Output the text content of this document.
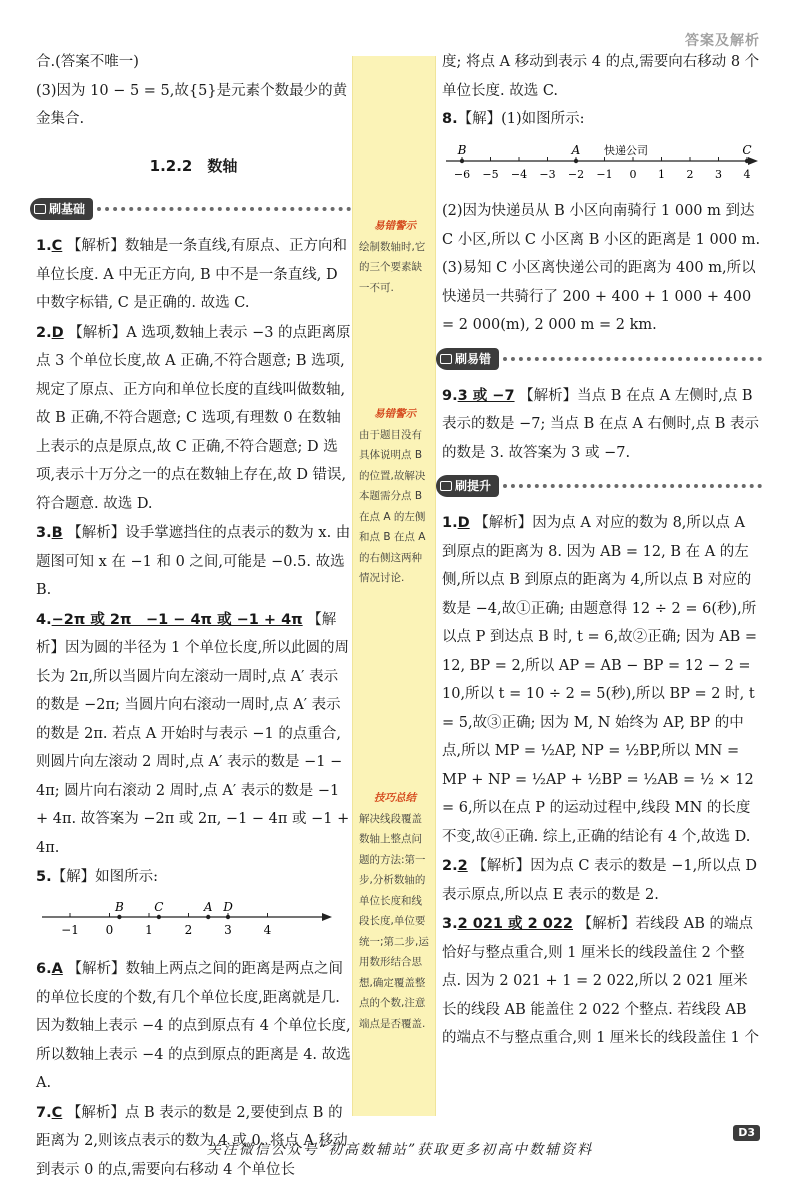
答案及解析
易错警示
绘制数轴时,它的三个要素缺一不可.
易错警示
由于题目没有具体说明点 B 的位置,故解决本题需分点 B 在点 A 的左侧和点 B 在点 A 的右侧这两种情况讨论.
技巧总结
解决线段覆盖数轴上整点问题的方法:第一步,分析数轴的单位长度和线段长度,单位要统一;第二步,运用数形结合思想,确定覆盖整点的个数,注意端点是否覆盖.

合.(答案不唯一)

(3)因为 10 − 5 = 5,故{5}是元素个数最少的黄金集合.

1.2.2　数轴
刷基础
1.C 【解析】数轴是一条直线,有原点、正方向和单位长度. A 中无正方向, B 中不是一条直线, D 中数字标错, C 是正确的. 故选 C.
2.D 【解析】A 选项,数轴上表示 −3 的点距离原点 3 个单位长度,故 A 正确,不符合题意; B 选项,规定了原点、正方向和单位长度的直线叫做数轴,故 B 正确,不符合题意; C 选项,有理数 0 在数轴上表示的点是原点,故 C 正确,不符合题意; D 选项,表示十万分之一的点在数轴上存在,故 D 错误,符合题意. 故选 D.
3.B 【解析】设手掌遮挡住的点表示的数为 x. 由题图可知 x 在 −1 和 0 之间,可能是 −0.5. 故选 B.
4.−2π 或 2π　−1 − 4π 或 −1 + 4π 【解析】因为圆的半径为 1 个单位长度,所以此圆的周长为 2π,所以当圆片向左滚动一周时,点 A′ 表示的数是 −2π; 当圆片向右滚动一周时,点 A′ 表示的数是 2π. 若点 A 开始时与表示 −1 的点重合,则圆片向左滚动 2 周时,点 A′ 表示的数是 −1 − 4π; 圆片向右滚动 2 周时,点 A′ 表示的数是 −1 + 4π. 故答案为 −2π 或 2π, −1 − 4π 或 −1 + 4π.
5.【解】如图所示:
−1 0	1	2	3	4
B	C	A D
6.A 【解析】数轴上两点之间的距离是两点之间的单位长度的个数,有几个单位长度,距离就是几. 因为数轴上表示 −4 的点到原点有 4 个单位长度,所以数轴上表示 −4 的点到原点的距离是 4. 故选 A.
7.C 【解析】点 B 表示的数是 2,要使到点 B 的距离为 2,则该点表示的数为 4 或 0. 将点 A 移动到表示 0 的点,需要向右移动 4 个单位长

度; 将点 A 移动到表示 4 的点,需要向右移动 8 个单位长度. 故选 C.

8.【解】(1)如图所示:
−6 −5 −4 −3 −2 −1 0 1 2 3 4
B	A 快递公司	C

(2)因为快递员从 B 小区向南骑行 1 000 m 到达 C 小区,所以 C 小区离 B 小区的距离是 1 000 m.

(3)易知 C 小区离快递公司的距离为 400 m,所以快递员一共骑行了 200 + 400 + 1 000 + 400 = 2 000(m), 2 000 m = 2 km.

刷易错
9.3 或 −7 【解析】当点 B 在点 A 左侧时,点 B 表示的数是 −7; 当点 B 在点 A 右侧时,点 B 表示的数是 3. 故答案为 3 或 −7.
刷提升
1.D 【解析】因为点 A 对应的数为 8,所以点 A 到原点的距离为 8. 因为 AB = 12, B 在 A 的左侧,所以点 B 到原点的距离为 4,所以点 B 对应的数是 −4,故①正确; 由题意得 12 ÷ 2 = 6(秒),所以点 P 到达点 B 时, t = 6,故②正确; 因为 AB = 12, BP = 2,所以 AP = AB − BP = 12 − 2 = 10,所以 t = 10 ÷ 2 = 5(秒),所以 BP = 2 时, t = 5,故③正确; 因为 M, N 始终为 AP, BP 的中点,所以 MP = ½AP, NP = ½BP,所以 MN = MP + NP = ½AP + ½BP = ½AB = ½ × 12 = 6,所以在点 P 的运动过程中,线段 MN 的长度不变,故④正确. 综上,正确的结论有 4 个,故选 D.
2.2 【解析】因为点 C 表示的数是 −1,所以点 D 表示原点,所以点 E 表示的数是 2.
3.2 021 或 2 022 【解析】若线段 AB 的端点恰好与整点重合,则 1 厘米长的线段盖住 2 个整点. 因为 2 021 + 1 = 2 022,所以 2 021 厘米长的线段 AB 能盖住 2 022 个整点. 若线段 AB 的端点不与整点重合,则 1 厘米长的线段盖住 1 个
D3
关注微信公众号“初高数辅站”获取更多初高中数辅资料
